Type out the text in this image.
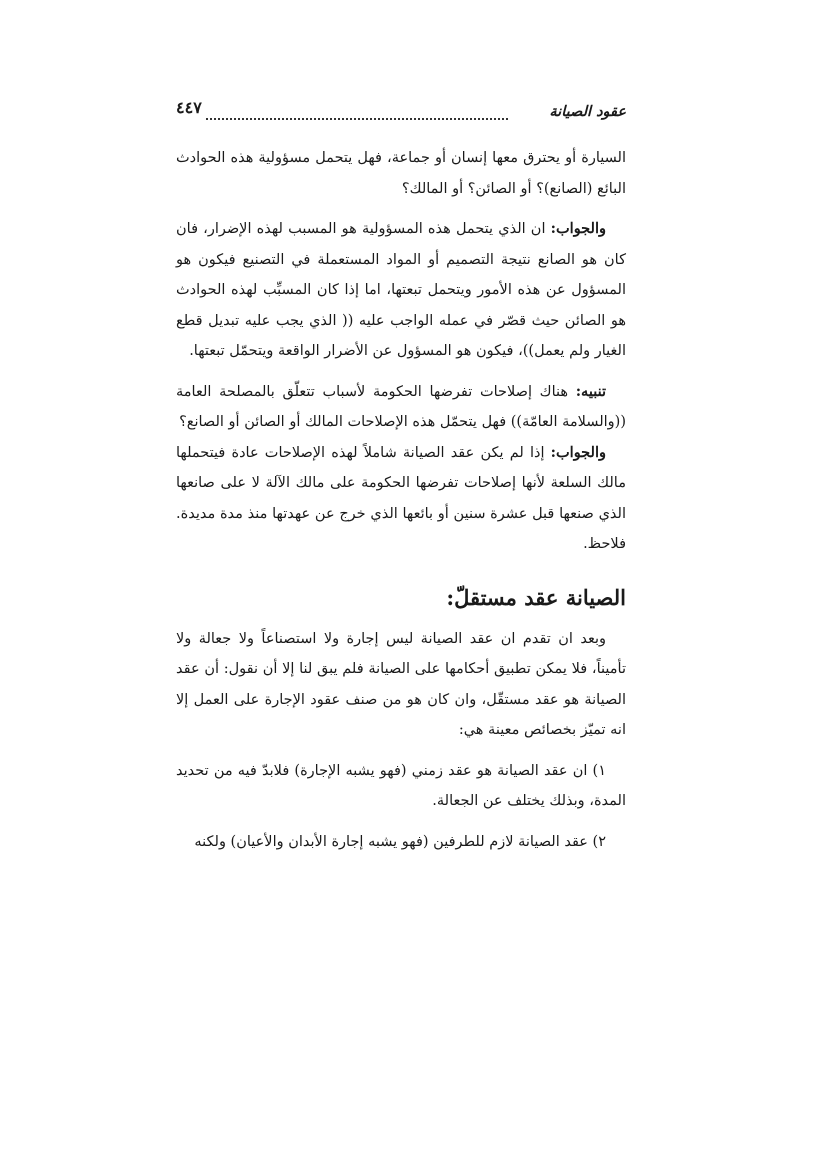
عقود الصيانة
٤٤٧

السيارة أو يحترق معها إنسان أو جماعة، فهل يتحمل مسؤولية هذه الحوادث البائع (الصانع)؟ أو الصائن؟ أو المالك؟

والجواب: ان الذي يتحمل هذه المسؤولية هو المسبب لهذه الإضرار، فان كان هو الصانع نتيجة التصميم أو المواد المستعملة في التصنيع فيكون هو المسؤول عن هذه الأمور ويتحمل تبعتها، اما إذا كان المسبِّب لهذه الحوادث هو الصائن حيث قصّر في عمله الواجب عليه (( الذي يجب عليه تبديل قطع الغيار ولم يعمل))، فيكون هو المسؤول عن الأضرار الواقعة ويتحمّل تبعتها.

تنبيه: هناك إصلاحات تفرضها الحكومة لأسباب تتعلّق بالمصلحة العامة ((والسلامة العامّة)) فهل يتحمّل هذه الإصلاحات المالك أو الصائن أو الصانع؟

والجواب: إذا لم يكن عقد الصيانة شاملاً لهذه الإصلاحات عادة فيتحملها مالك السلعة لأنها إصلاحات تفرضها الحكومة على مالك الآلة لا على صانعها الذي صنعها قبل عشرة سنين أو بائعها الذي خرج عن عهدتها منذ مدة مديدة. فلاحظ.

الصيانة عقد مستقلّ:

وبعد ان تقدم ان عقد الصيانة ليس إجارة ولا استصناعاً ولا جعالة ولا تأميناً، فلا يمكن تطبيق أحكامها على الصيانة فلم يبق لنا إلا أن نقول: أن عقد الصيانة هو عقد مستقّل، وان كان هو من صنف عقود الإجارة على العمل إلا انه تميّز بخصائص معينة هي:

١) ان عقد الصيانة هو عقد زمني (فهو يشبه الإجارة) فلابدّ فيه من تحديد المدة، وبذلك يختلف عن الجعالة.

٢) عقد الصيانة لازم للطرفين (فهو يشبه إجارة الأبدان والأعيان) ولكنه
